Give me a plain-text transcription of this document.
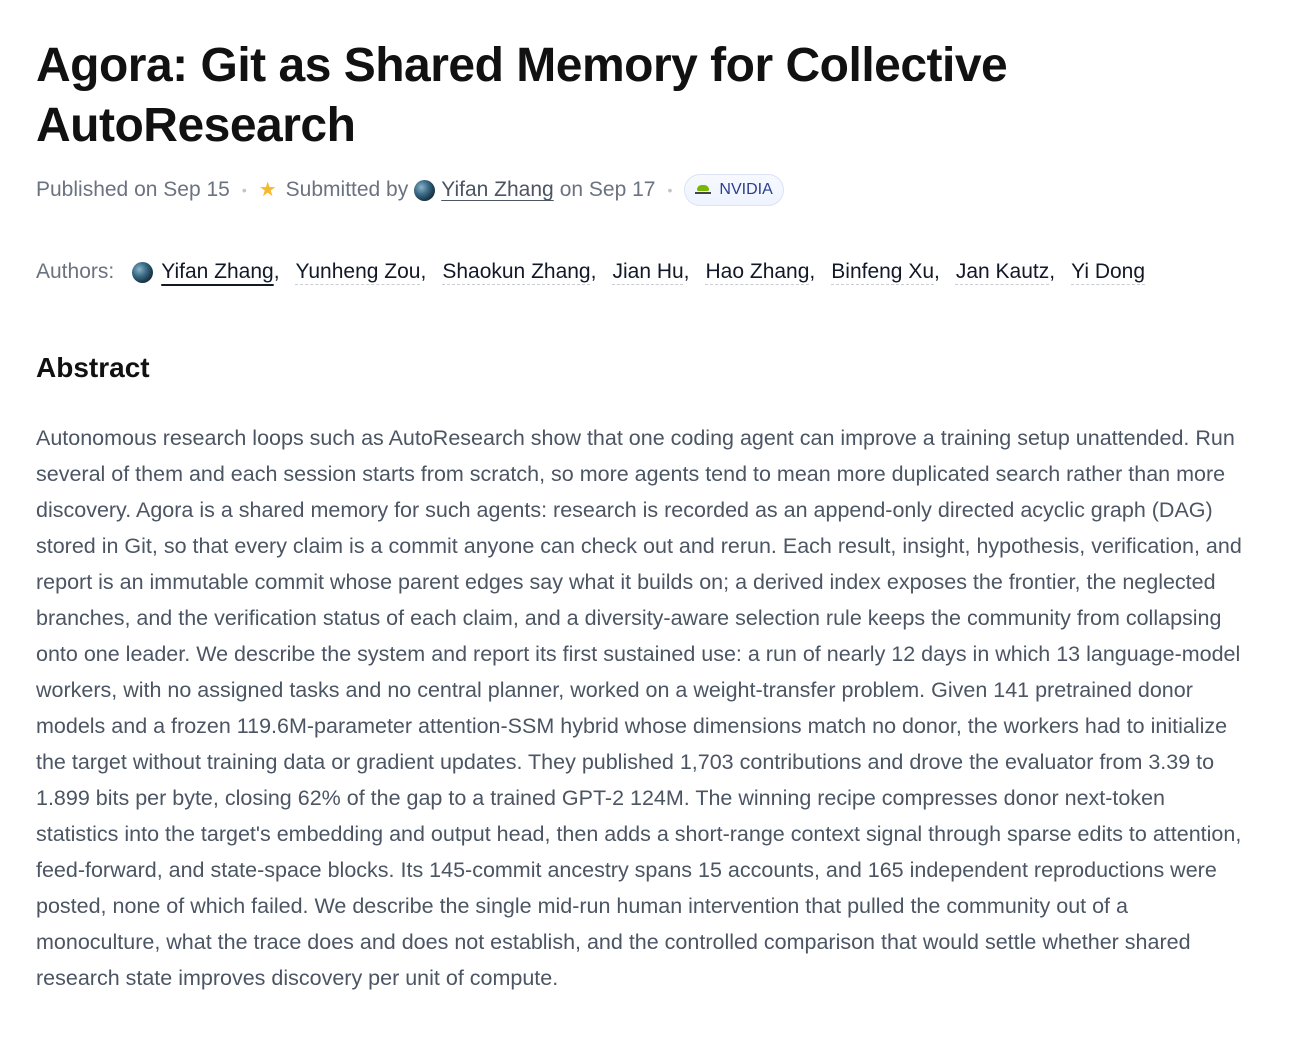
Agora: Git as Shared Memory for Collective AutoResearch
Published on Sep 15 • ★ Submitted by Yifan Zhang on Sep 17 •	NVIDIA
Authors: Yifan Zhang , Yunheng Zou , Shaokun Zhang , Jian Hu , Hao Zhang , Binfeng Xu , Jan Kautz , Yi Dong
Abstract

Autonomous research loops such as AutoResearch show that one coding agent can improve a training setup unattended. Run several of them and each session starts from scratch, so more agents tend to mean more duplicated search rather than more discovery. Agora is a shared memory for such agents: research is recorded as an append-only directed acyclic graph (DAG) stored in Git, so that every claim is a commit anyone can check out and rerun. Each result, insight, hypothesis, verification, and report is an immutable commit whose parent edges say what it builds on; a derived index exposes the frontier, the neglected branches, and the verification status of each claim, and a diversity-aware selection rule keeps the community from collapsing onto one leader. We describe the system and report its first sustained use: a run of nearly 12 days in which 13 language-model workers, with no assigned tasks and no central planner, worked on a weight-transfer problem. Given 141 pretrained donor models and a frozen 119.6M-parameter attention-SSM hybrid whose dimensions match no donor, the workers had to initialize the target without training data or gradient updates. They published 1,703 contributions and drove the evaluator from 3.39 to 1.899 bits per byte, closing 62% of the gap to a trained GPT-2 124M. The winning recipe compresses donor next-token statistics into the target's embedding and output head, then adds a short-range context signal through sparse edits to attention, feed-forward, and state-space blocks. Its 145-commit ancestry spans 15 accounts, and 165 independent reproductions were posted, none of which failed. We describe the single mid-run human intervention that pulled the community out of a monoculture, what the trace does and does not establish, and the controlled comparison that would settle whether shared research state improves discovery per unit of compute.
